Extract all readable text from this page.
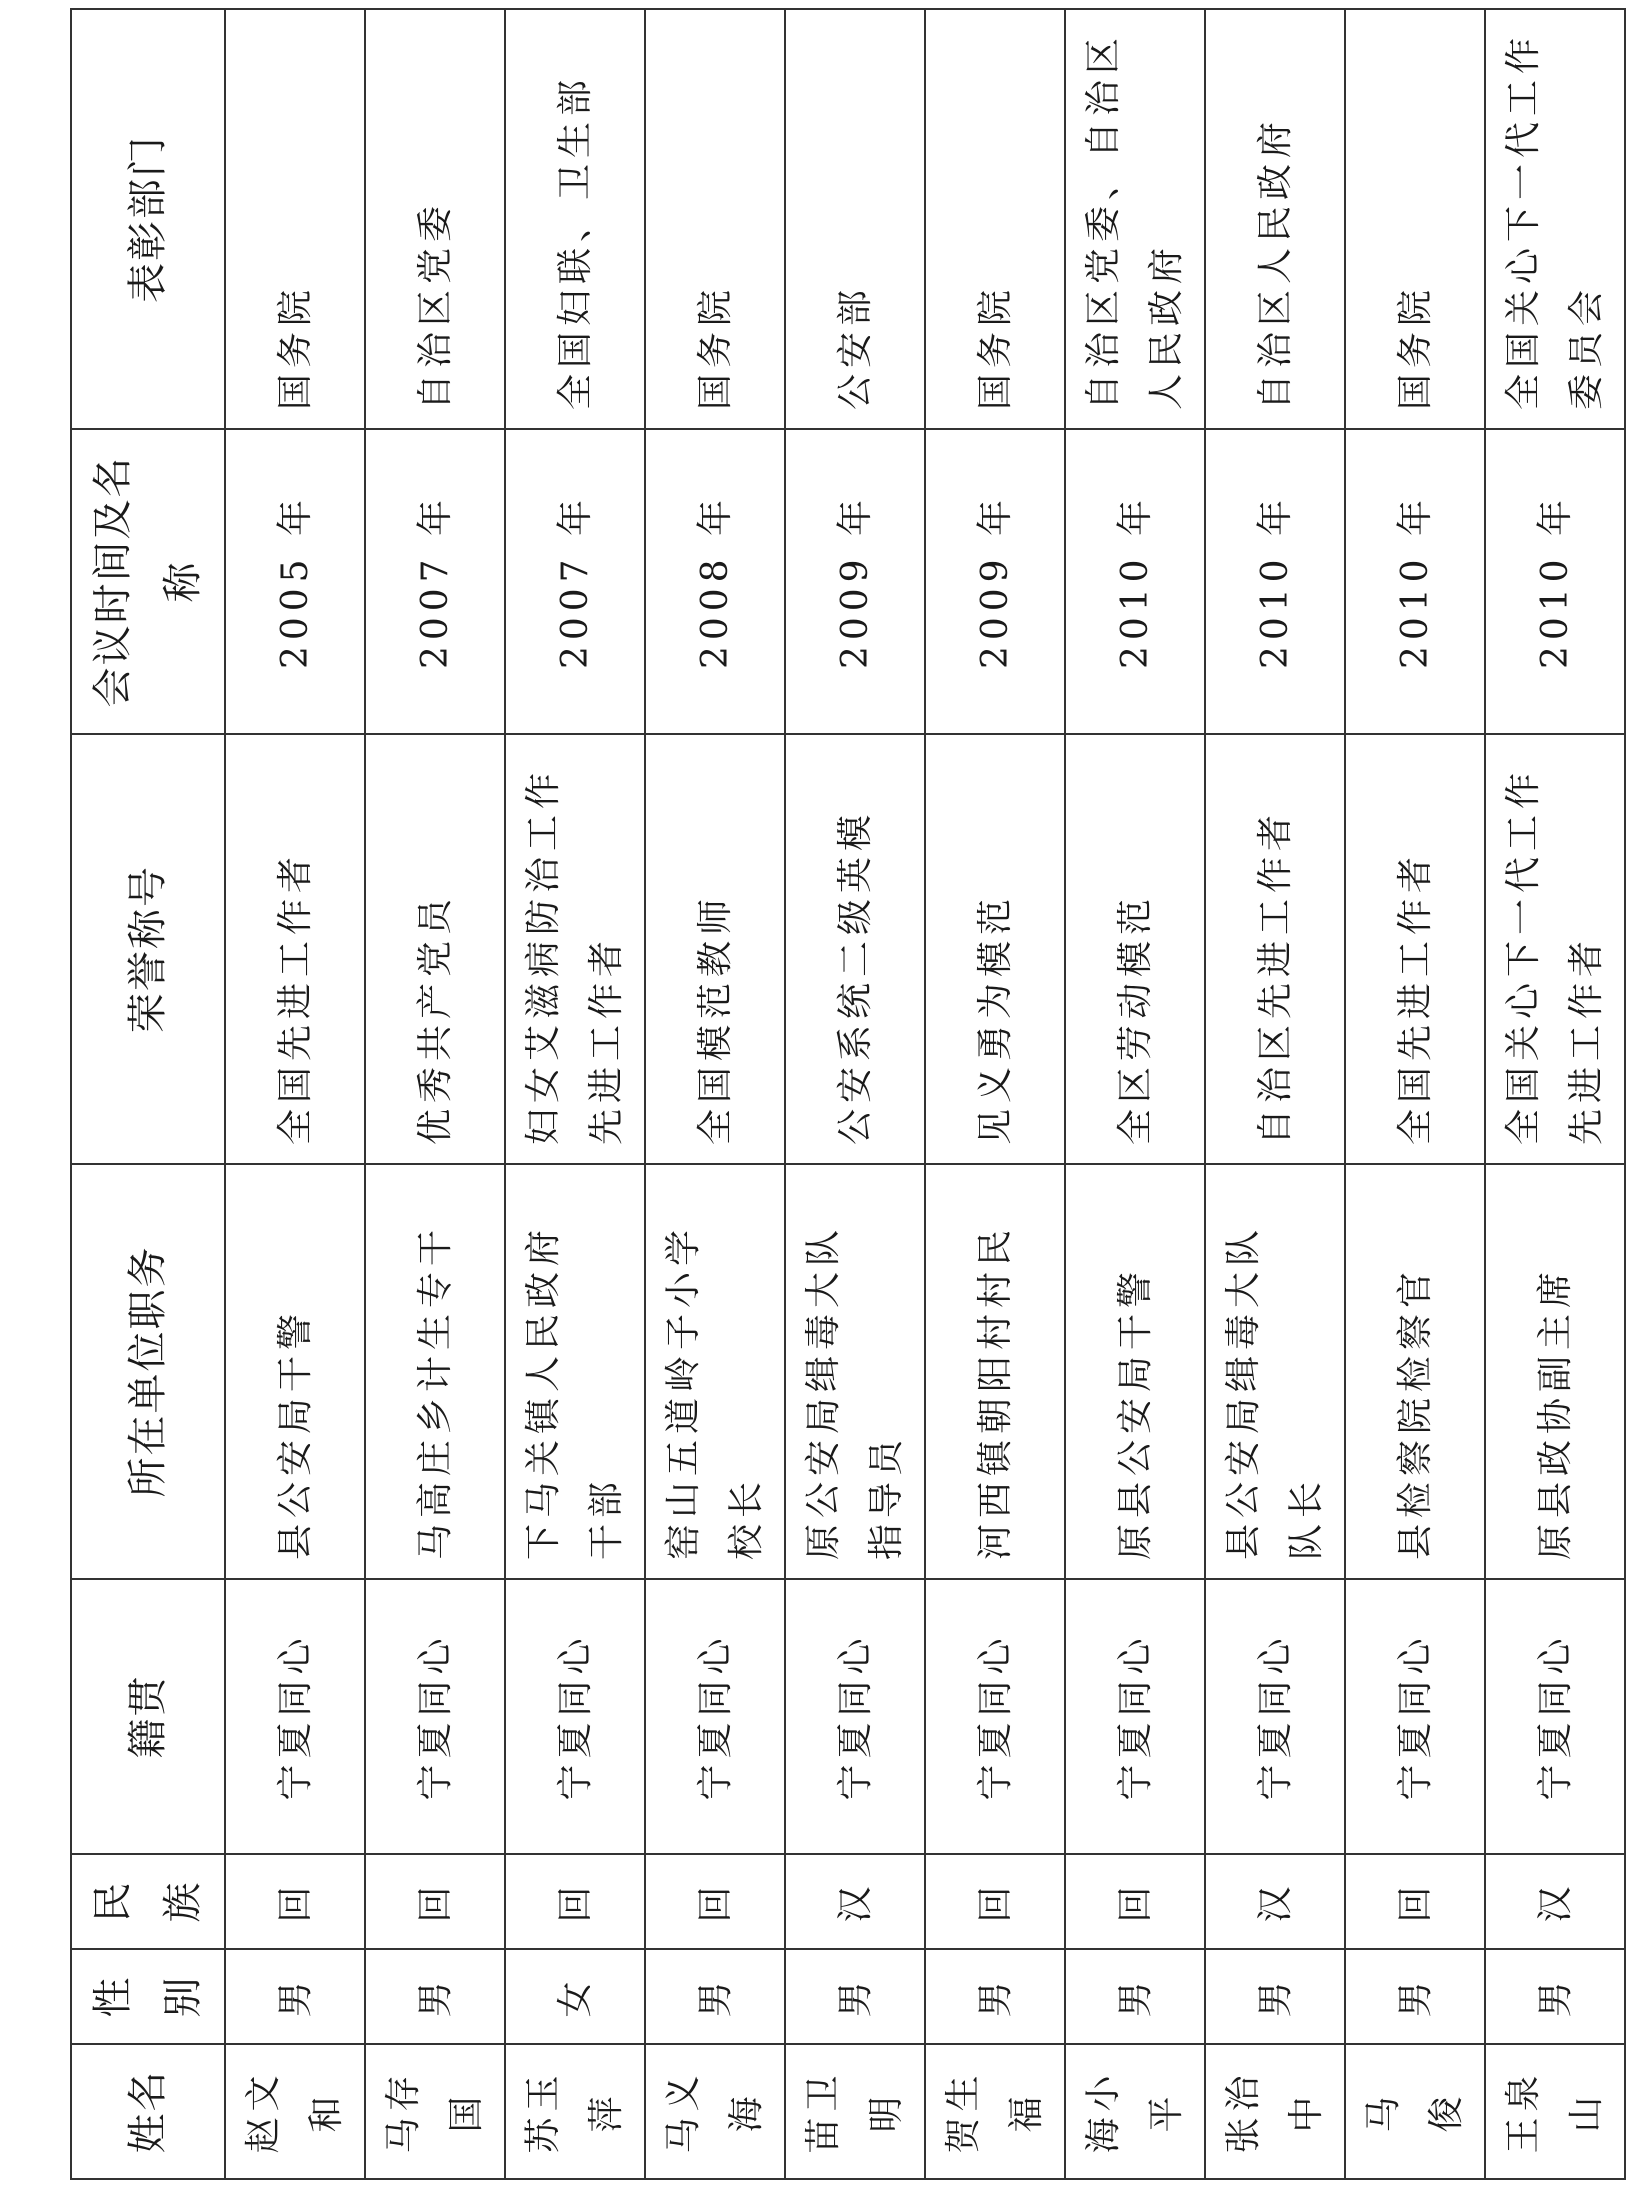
姓名	性别	民族	籍贯	所在单位职务	荣誉称号	会议时间及名称	表彰部门
赵文和	男	回	宁夏同心	县公安局干警	全国先进工作者	2005 年	国务院
马存国	男	回	宁夏同心	马高庄乡计生专干	优秀共产党员	2007 年	自治区党委
苏玉萍	女	回	宁夏同心	下马关镇人民政府干部	妇女艾滋病防治工作先进工作者	2007 年	全国妇联、卫生部
马义海	男	回	宁夏同心	窑山五道岭子小学校长	全国模范教师	2008 年	国务院
苗卫明	男	汉	宁夏同心	原公安局缉毒大队指导员	公安系统二级英模	2009 年	公安部
贺生福	男	回	宁夏同心	河西镇朝阳村村民	见义勇为模范	2009 年	国务院
海小平	男	回	宁夏同心	原县公安局干警	全区劳动模范	2010 年	自治区党委、自治区人民政府
张治中	男	汉	宁夏同心	县公安局缉毒大队队长	自治区先进工作者	2010 年	自治区人民政府
马　俊	男	回	宁夏同心	县检察院检察官	全国先进工作者	2010 年	国务院
王泉山	男	汉	宁夏同心	原县政协副主席	全国关心下一代工作先进工作者	2010 年	全国关心下一代工作委员会
